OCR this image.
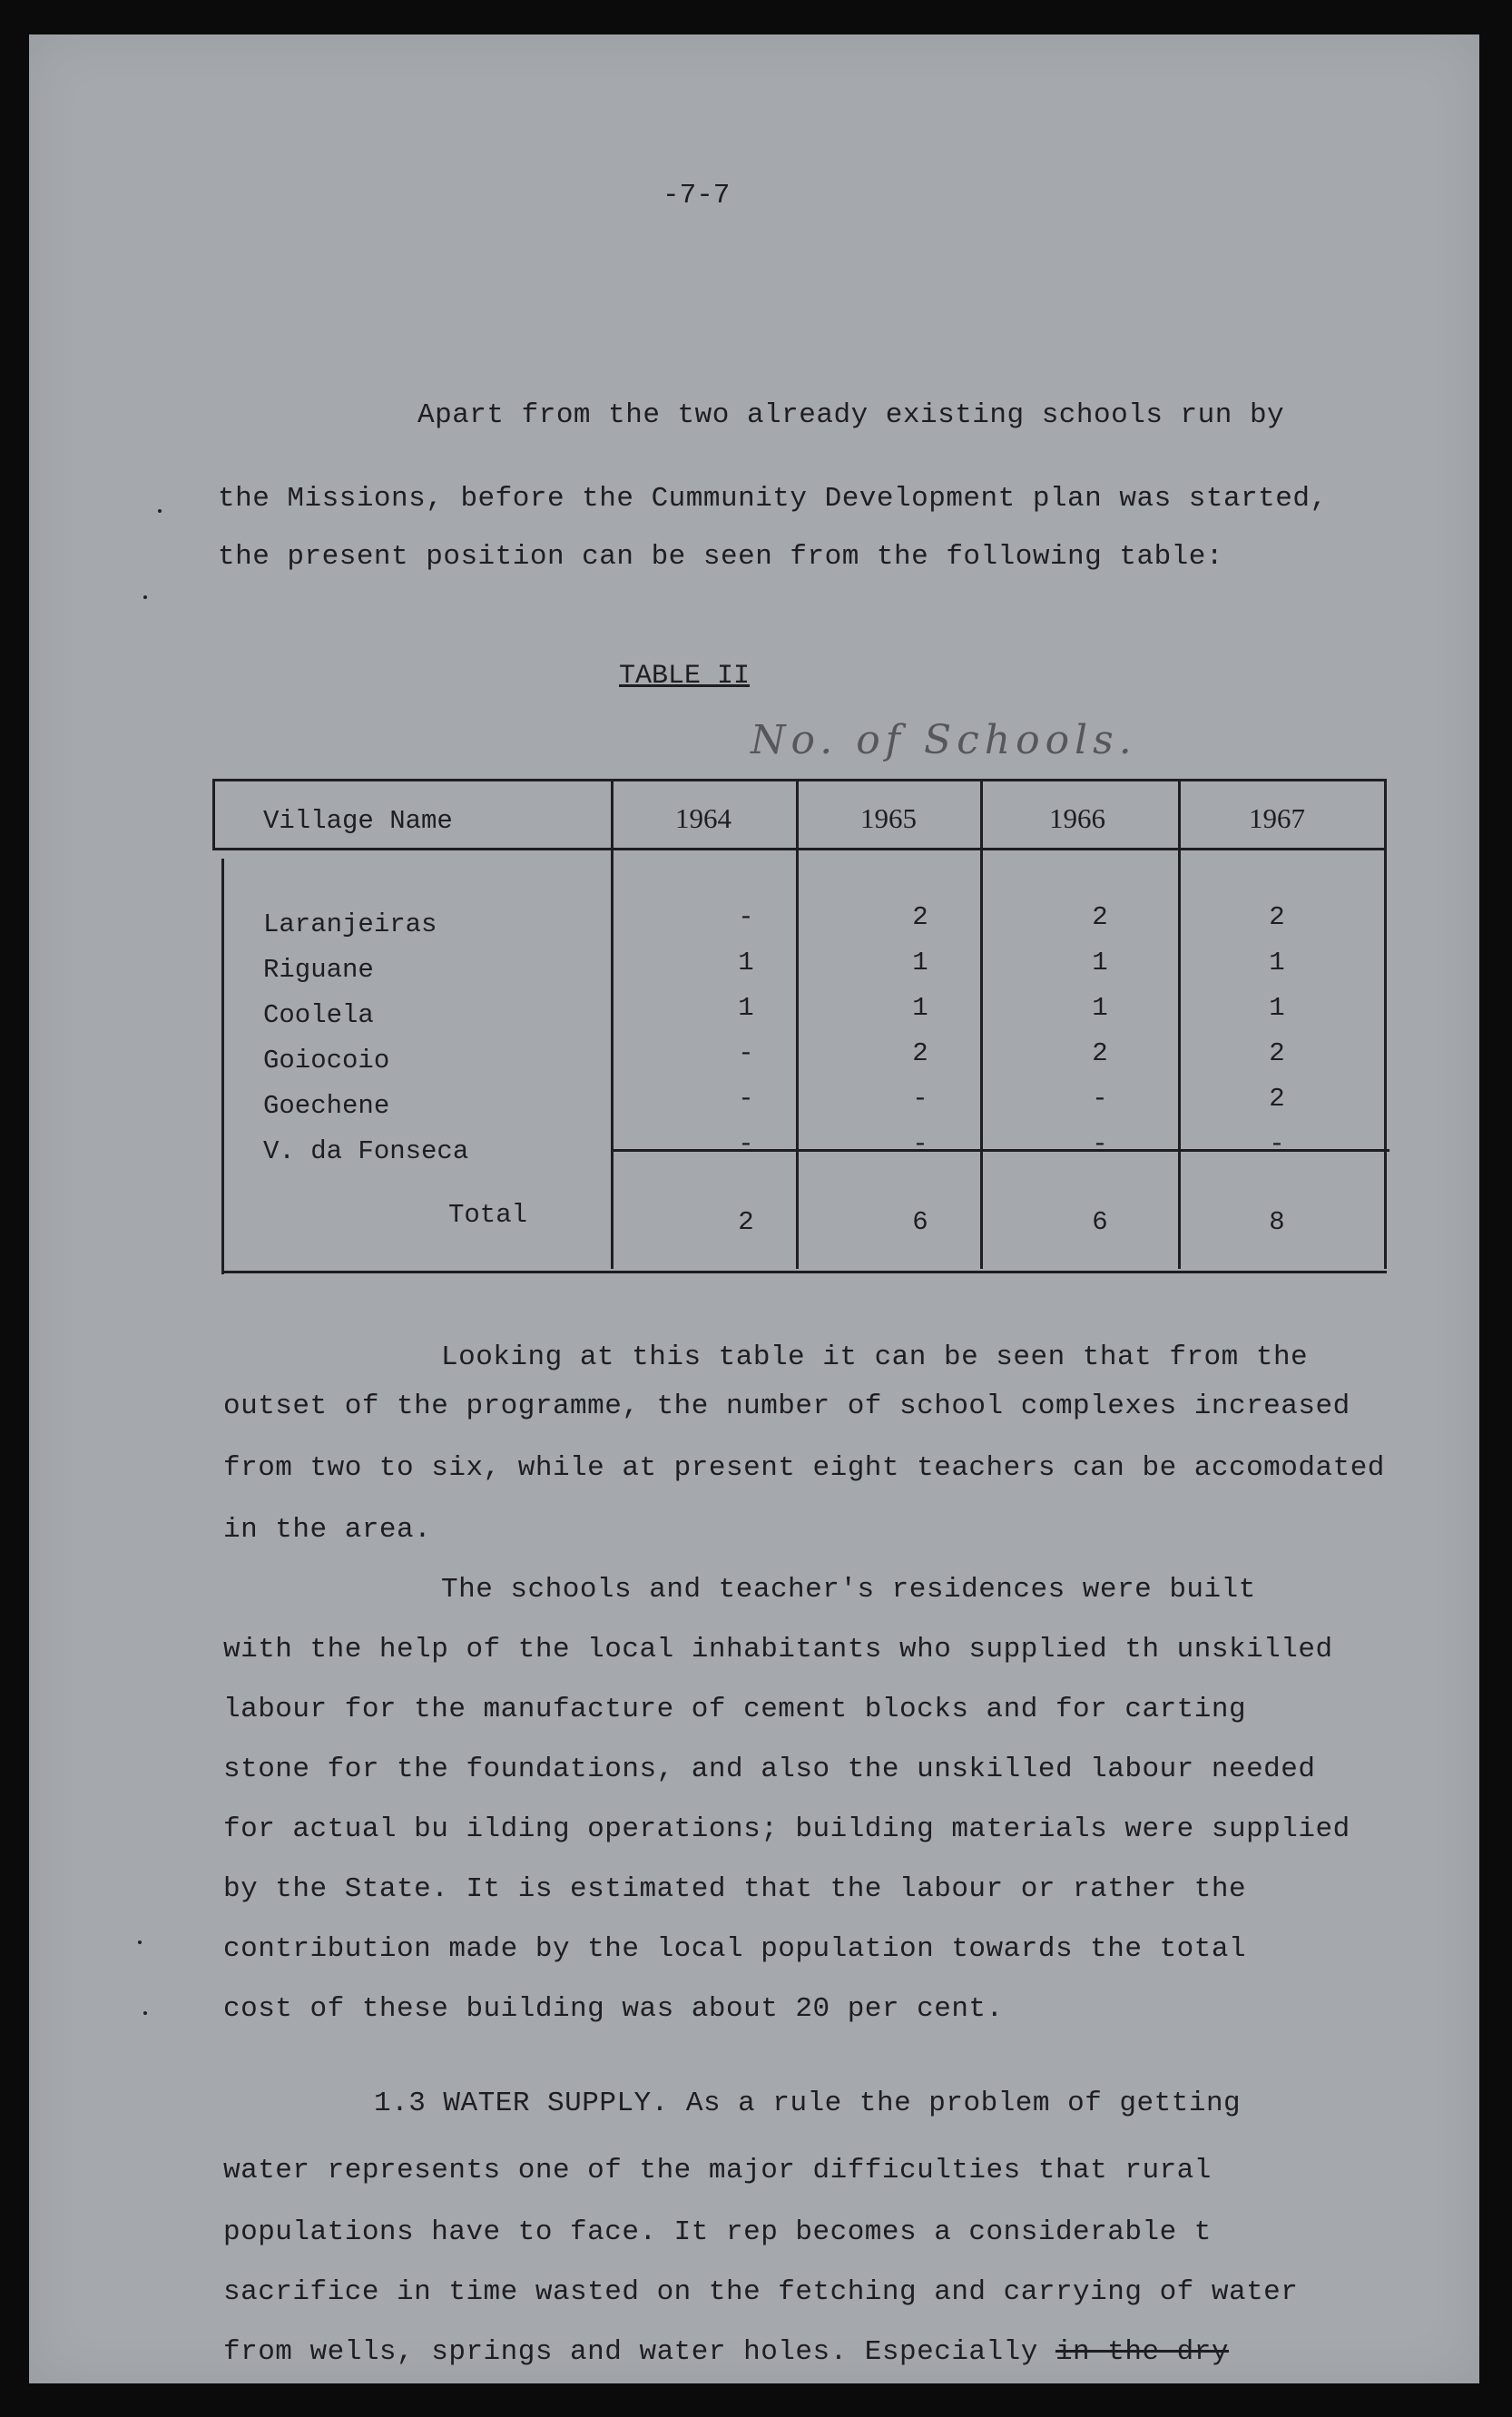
-7-7
Apart from the two already existing schools run by
the Missions, before the Cummunity Development plan was started,
the present position can be seen from the following table:
TABLE II
No. of Schools.
Village Name	1964	1965	1966	1967
Laranjeiras	-	2	2	2
Riguane	1	1	1	1
Coolela	1	1	1	1
Goiocoio	-	2	2	2
Goechene	-	-	-	2
V. da Fonseca	-	-	-	-
Total	2	6	6	8
Looking at this table it can be seen that from the
outset of the programme, the number of school complexes increased
from two to six, while at present eight teachers can be accomodated
in the area.
The schools and teacher's residences were built
with the help of the local inhabitants who supplied th unskilled
labour for the manufacture of cement blocks and for carting
stone for the foundations, and also the unskilled labour needed
for actual bu ilding operations; building materials were supplied
by the State. It is estimated that the labour or rather the
contribution made by the local population towards the total
cost of these building was about 20 per cent.
1.3 WATER SUPPLY. As a rule the problem of getting
water represents one of the major difficulties that rural
populations have to face. It rep becomes a considerable t
sacrifice in time wasted on the fetching and carrying of water
from wells, springs and water holes. Especially in the dry
